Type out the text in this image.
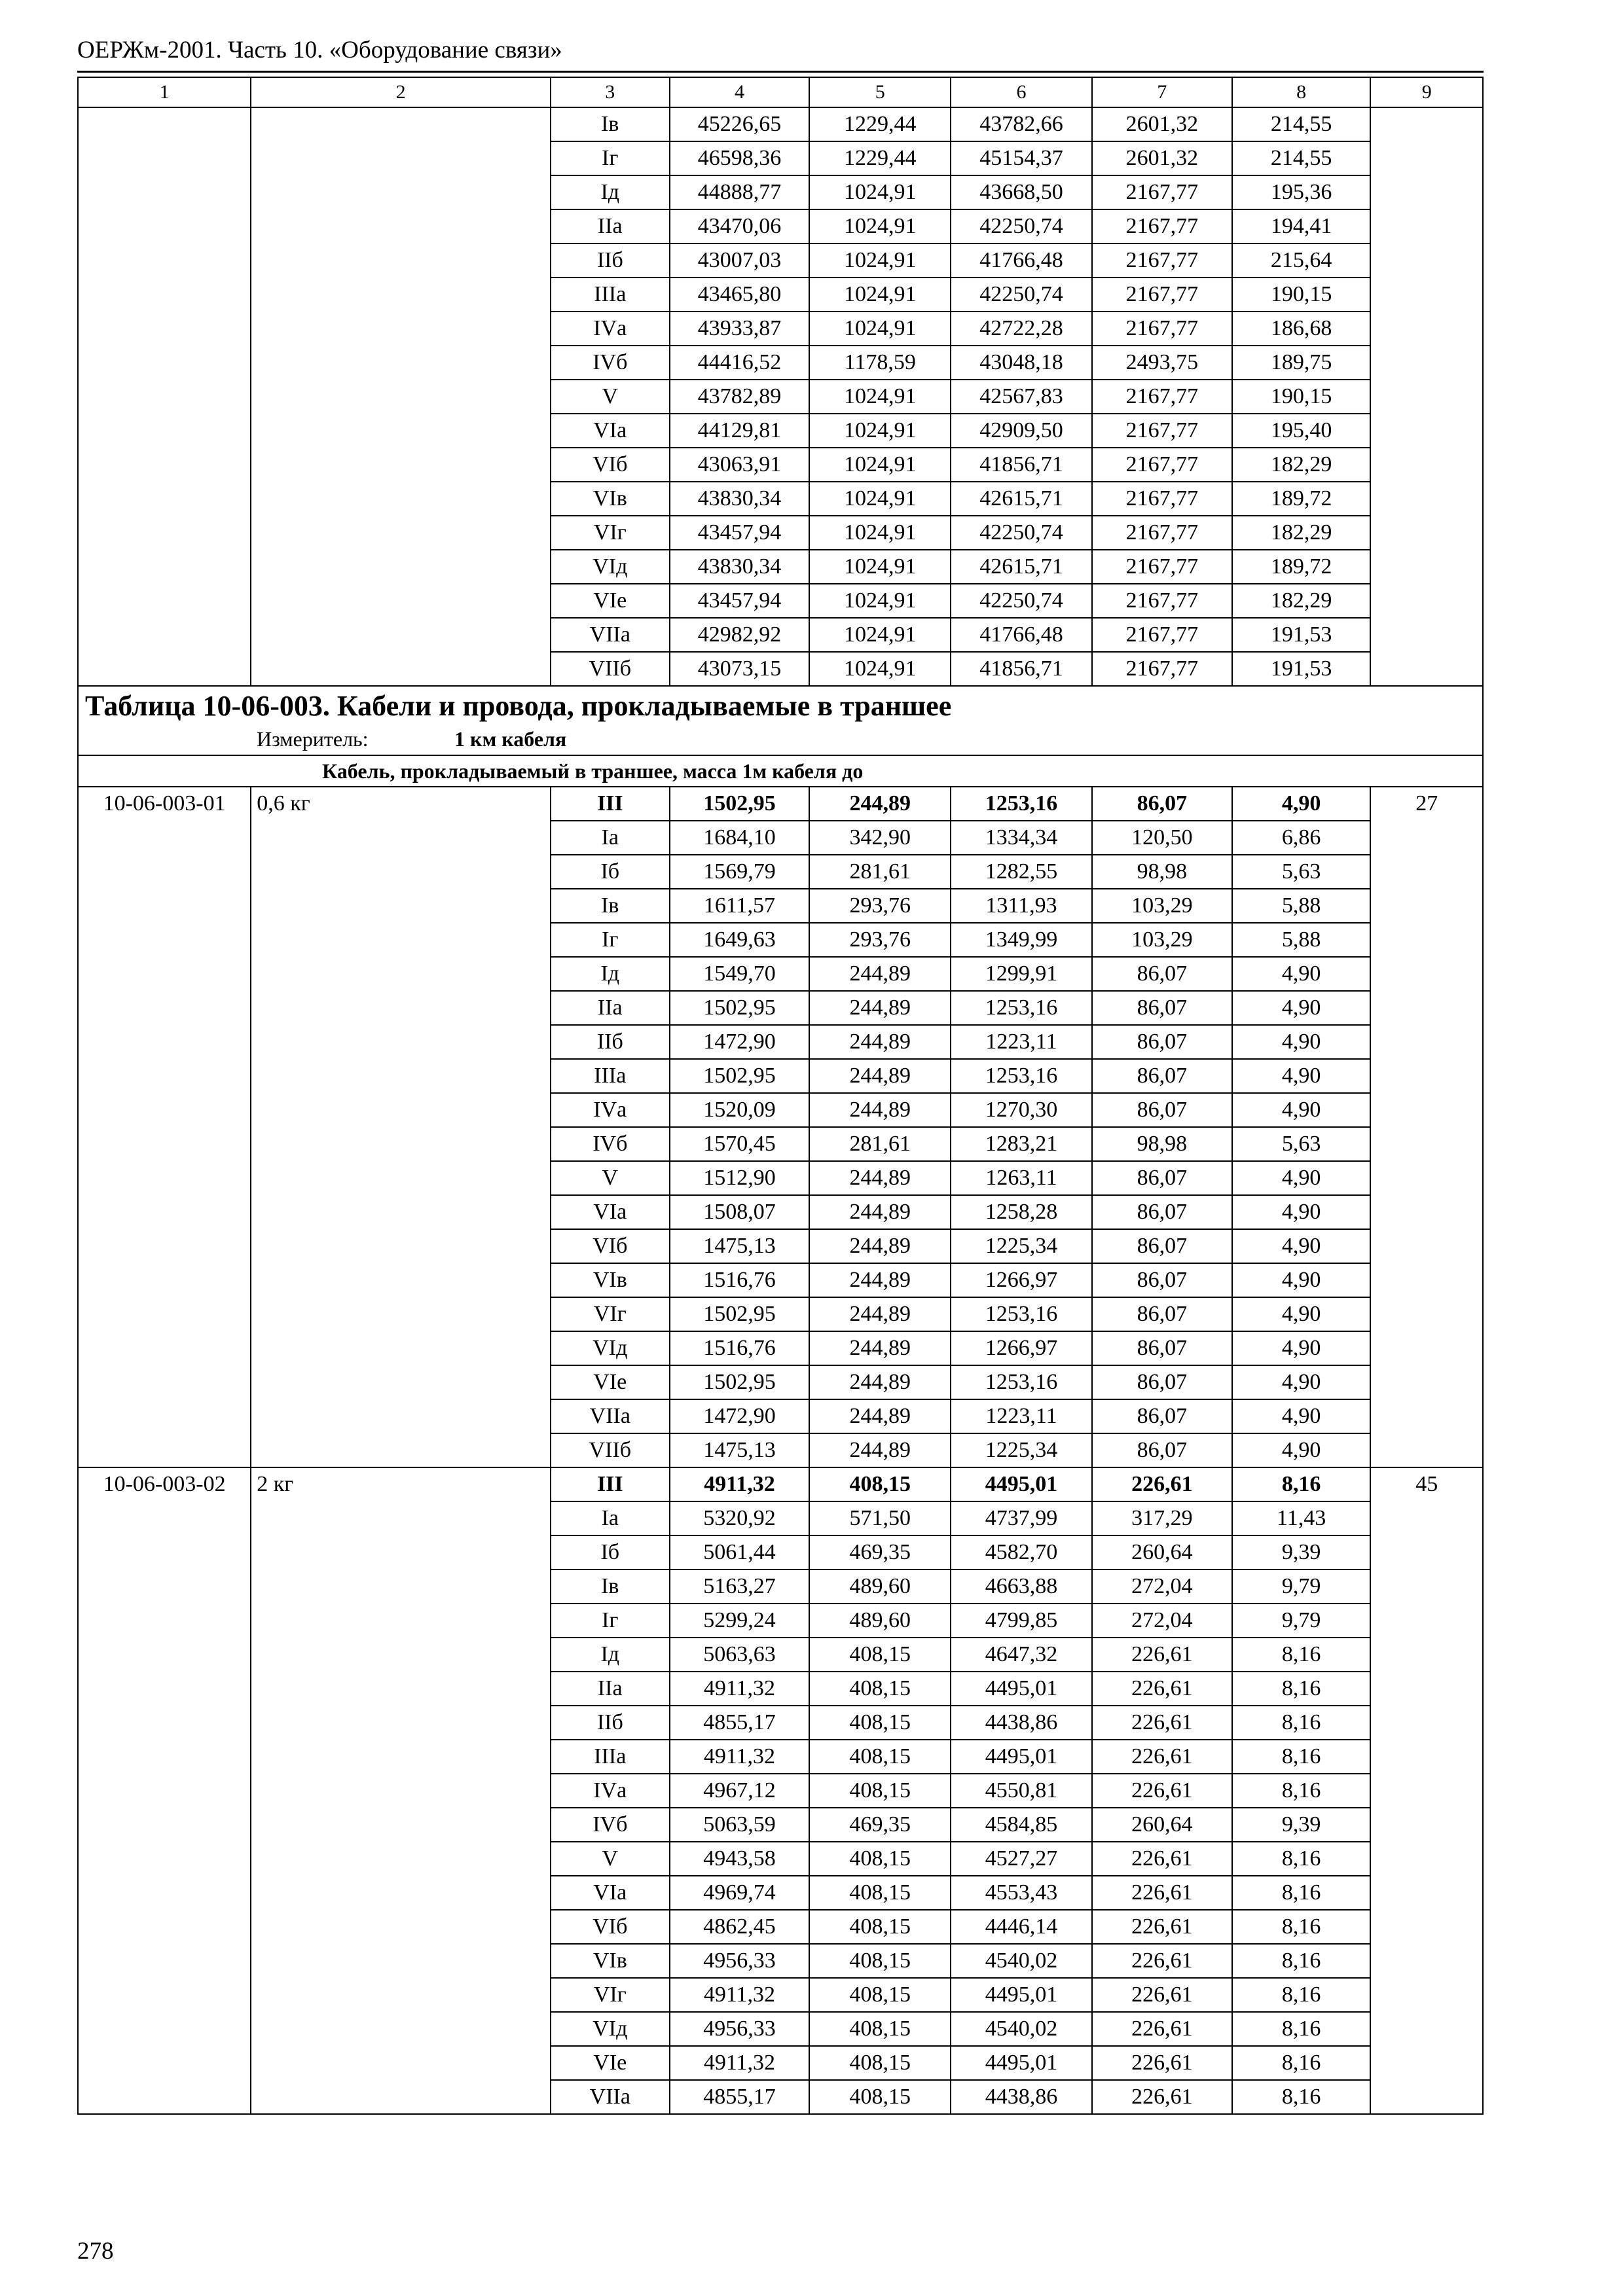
ОЕРЖм-2001. Часть 10. «Оборудование связи»
1	2	3	4	5	6	7	8	9
		Iв	45226,65	1229,44	43782,66	2601,32	214,55	
		Iг	46598,36	1229,44	45154,37	2601,32	214,55	
		Iд	44888,77	1024,91	43668,50	2167,77	195,36	
		IIа	43470,06	1024,91	42250,74	2167,77	194,41	
		IIб	43007,03	1024,91	41766,48	2167,77	215,64	
		IIIа	43465,80	1024,91	42250,74	2167,77	190,15	
		IVа	43933,87	1024,91	42722,28	2167,77	186,68	
		IVб	44416,52	1178,59	43048,18	2493,75	189,75	
		V	43782,89	1024,91	42567,83	2167,77	190,15	
		VIа	44129,81	1024,91	42909,50	2167,77	195,40	
		VIб	43063,91	1024,91	41856,71	2167,77	182,29	
		VIв	43830,34	1024,91	42615,71	2167,77	189,72	
		VIг	43457,94	1024,91	42250,74	2167,77	182,29	
		VIд	43830,34	1024,91	42615,71	2167,77	189,72	
		VIе	43457,94	1024,91	42250,74	2167,77	182,29	
		VIIа	42982,92	1024,91	41766,48	2167,77	191,53	
		VIIб	43073,15	1024,91	41856,71	2167,77	191,53	

Таблица 10-06-003. Кабели и провода, прокладываемые в траншее
Измеритель: 1 км кабеля								

Кабель, прокладываемый в траншее, масса 1м кабеля до								
10-06-003-01	0,6 кг	III	1502,95	244,89	1253,16	86,07	4,90	27
		Iа	1684,10	342,90	1334,34	120,50	6,86	
		Iб	1569,79	281,61	1282,55	98,98	5,63	
		Iв	1611,57	293,76	1311,93	103,29	5,88	
		Iг	1649,63	293,76	1349,99	103,29	5,88	
		Iд	1549,70	244,89	1299,91	86,07	4,90	
		IIа	1502,95	244,89	1253,16	86,07	4,90	
		IIб	1472,90	244,89	1223,11	86,07	4,90	
		IIIа	1502,95	244,89	1253,16	86,07	4,90	
		IVа	1520,09	244,89	1270,30	86,07	4,90	
		IVб	1570,45	281,61	1283,21	98,98	5,63	
		V	1512,90	244,89	1263,11	86,07	4,90	
		VIа	1508,07	244,89	1258,28	86,07	4,90	
		VIб	1475,13	244,89	1225,34	86,07	4,90	
		VIв	1516,76	244,89	1266,97	86,07	4,90	
		VIг	1502,95	244,89	1253,16	86,07	4,90	
		VIд	1516,76	244,89	1266,97	86,07	4,90	
		VIе	1502,95	244,89	1253,16	86,07	4,90	
		VIIа	1472,90	244,89	1223,11	86,07	4,90	
		VIIб	1475,13	244,89	1225,34	86,07	4,90	
10-06-003-02	2 кг	III	4911,32	408,15	4495,01	226,61	8,16	45
		Iа	5320,92	571,50	4737,99	317,29	11,43	
		Iб	5061,44	469,35	4582,70	260,64	9,39	
		Iв	5163,27	489,60	4663,88	272,04	9,79	
		Iг	5299,24	489,60	4799,85	272,04	9,79	
		Iд	5063,63	408,15	4647,32	226,61	8,16	
		IIа	4911,32	408,15	4495,01	226,61	8,16	
		IIб	4855,17	408,15	4438,86	226,61	8,16	
		IIIа	4911,32	408,15	4495,01	226,61	8,16	
		IVа	4967,12	408,15	4550,81	226,61	8,16	
		IVб	5063,59	469,35	4584,85	260,64	9,39	
		V	4943,58	408,15	4527,27	226,61	8,16	
		VIа	4969,74	408,15	4553,43	226,61	8,16	
		VIб	4862,45	408,15	4446,14	226,61	8,16	
		VIв	4956,33	408,15	4540,02	226,61	8,16	
		VIг	4911,32	408,15	4495,01	226,61	8,16	
		VIд	4956,33	408,15	4540,02	226,61	8,16	
		VIе	4911,32	408,15	4495,01	226,61	8,16	
		VIIа	4855,17	408,15	4438,86	226,61	8,16	
278
